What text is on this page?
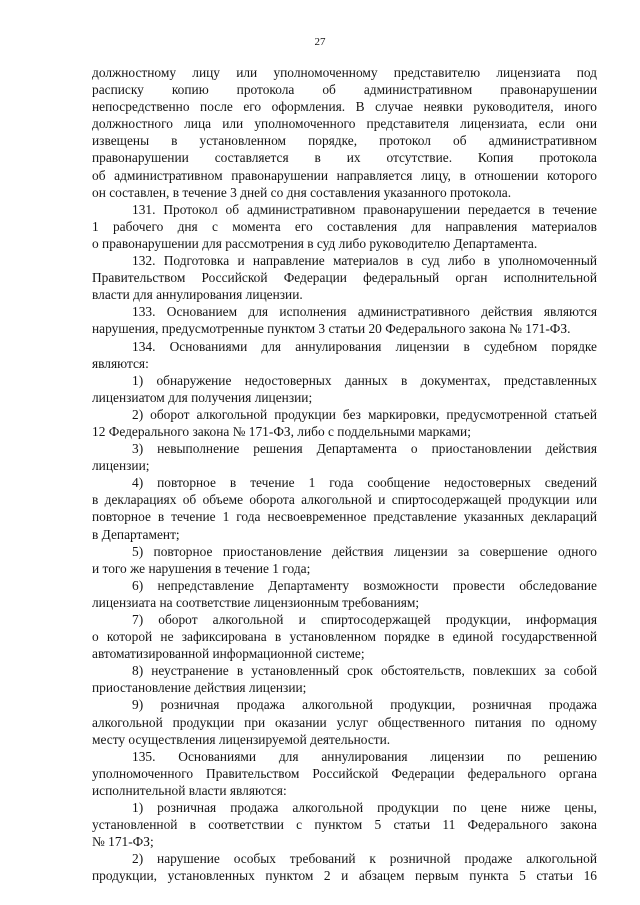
27

должностному лицу или уполномоченному представителю лицензиата под

расписку копию протокола об административном правонарушении

непосредственно после его оформления. В случае неявки руководителя, иного

должностного лица или уполномоченного представителя лицензиата, если они

извещены в установленном порядке, протокол об административном

правонарушении составляется в их отсутствие. Копия протокола

об административном правонарушении направляется лицу, в отношении которого

он составлен, в течение 3 дней со дня составления указанного протокола.

131. Протокол об административном правонарушении передается в течение

1 рабочего дня с момента его составления для направления материалов

о правонарушении для рассмотрения в суд либо руководителю Департамента.

132. Подготовка и направление материалов в суд либо в уполномоченный

Правительством Российской Федерации федеральный орган исполнительной

власти для аннулирования лицензии.

133. Основанием для исполнения административного действия являются

нарушения, предусмотренные пунктом 3 статьи 20 Федерального закона № 171-ФЗ.

134. Основаниями для аннулирования лицензии в судебном порядке

являются:

1) обнаружение недостоверных данных в документах, представленных

лицензиатом для получения лицензии;

2) оборот алкогольной продукции без маркировки, предусмотренной статьей

12 Федерального закона № 171-ФЗ, либо с поддельными марками;

3) невыполнение решения Департамента о приостановлении действия

лицензии;

4) повторное в течение 1 года сообщение недостоверных сведений

в декларациях об объеме оборота алкогольной и спиртосодержащей продукции или

повторное в течение 1 года несвоевременное представление указанных деклараций

в Департамент;

5) повторное приостановление действия лицензии за совершение одного

и того же нарушения в течение 1 года;

6) непредставление Департаменту возможности провести обследование

лицензиата на соответствие лицензионным требованиям;

7) оборот алкогольной и спиртосодержащей продукции, информация

о которой не зафиксирована в установленном порядке в единой государственной

автоматизированной информационной системе;

8) неустранение в установленный срок обстоятельств, повлекших за собой

приостановление действия лицензии;

9) розничная продажа алкогольной продукции, розничная продажа

алкогольной продукции при оказании услуг общественного питания по одному

месту осуществления лицензируемой деятельности.

135. Основаниями для аннулирования лицензии по решению

уполномоченного Правительством Российской Федерации федерального органа

исполнительной власти являются:

1) розничная продажа алкогольной продукции по цене ниже цены,

установленной в соответствии с пунктом 5 статьи 11 Федерального закона

№ 171-ФЗ;

2) нарушение особых требований к розничной продаже алкогольной

продукции, установленных пунктом 2 и абзацем первым пункта 5 статьи 16
